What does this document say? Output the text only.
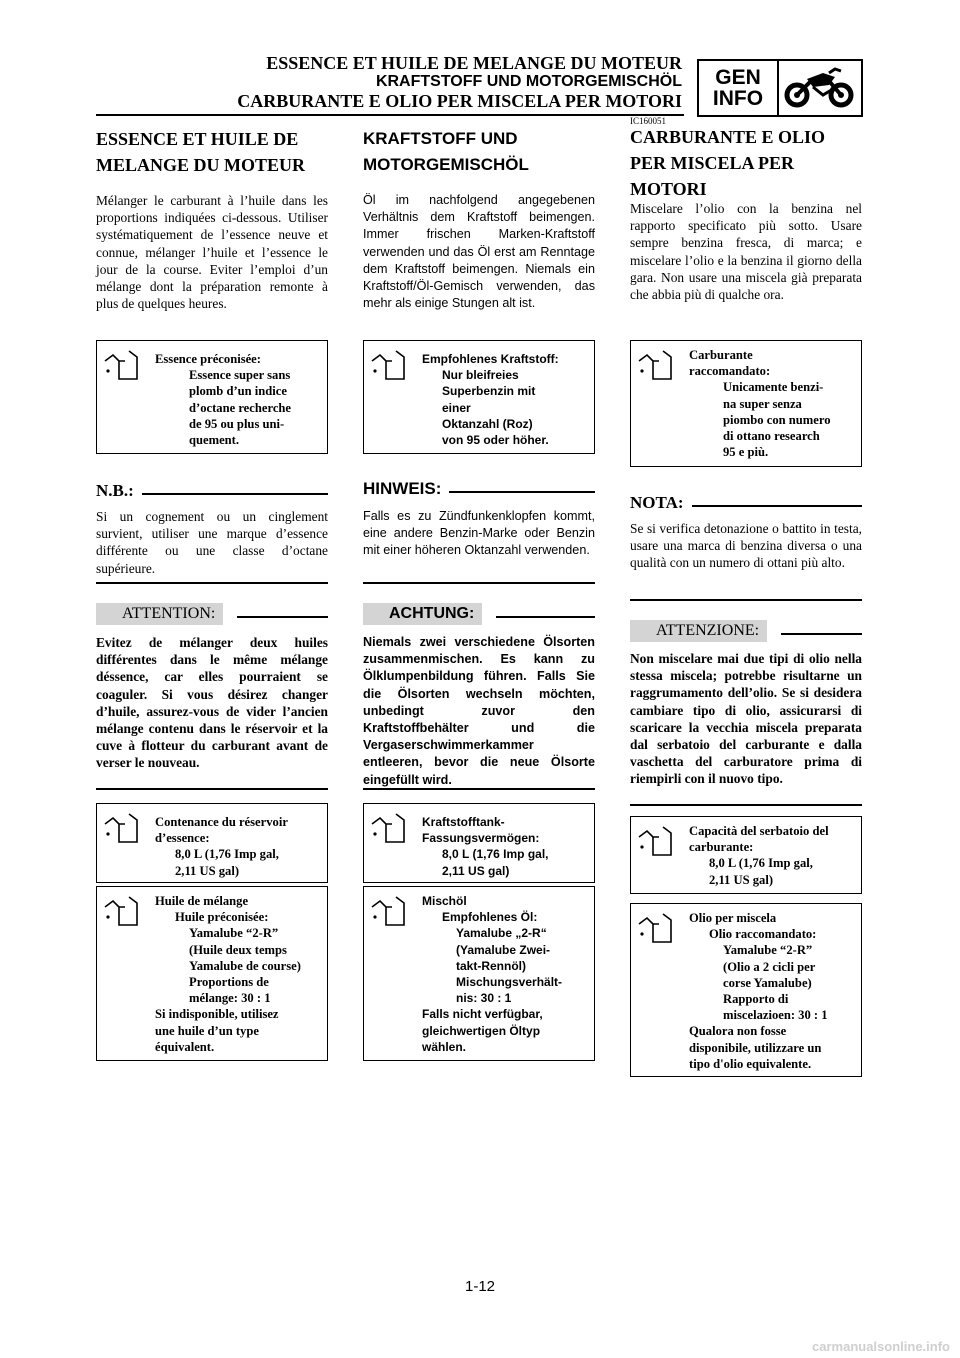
ESSENCE ET HUILE DE MELANGE DU MOTEUR
KRAFTSTOFF UND MOTORGEMISCHÖL
CARBURANTE E OLIO PER MISCELA PER MOTORI
IC160051
GEN
INFO
ESSENCE ET HUILE DE
MELANGE DU MOTEUR
Mélanger le carburant à l’huile dans les proportions indiquées ci-dessous. Utiliser systématiquement de l’essence neuve et connue, mélanger l’huile et l’essence le jour de la course. Eviter l’emploi d’un mélange dont la préparation remonte à plus de quelques heures.
Essence préconisée:
Essence super sans
plomb d’un indice
d’octane recherche
de 95 ou plus uni-
quement.
N.B.:
Si un cognement ou un cinglement survient, utiliser une marque d’essence différente ou une classe d’octane supérieure.
ATTENTION:
Evitez de mélanger deux huiles différentes dans le même mélange déssence, car elles pourraient se coaguler. Si vous désirez changer d’huile, assurez-vous de vider l’ancien mélange contenu dans le réservoir et la cuve à flotteur du carburant avant de verser le nouveau.
Contenance du réservoir
d’essence:
8,0 L (1,76 Imp gal,
2,11 US gal)
Huile de mélange
Huile préconisée:
Yamalube “2-R”
(Huile deux temps
Yamalube de course)
Proportions de
mélange: 30 : 1
Si indisponible, utilisez
une huile d’un type
équivalent.
KRAFTSTOFF UND
MOTORGEMISCHÖL
Öl im nachfolgend angegebenen Verhältnis dem Kraftstoff beimengen. Immer frischen Marken-Kraftstoff verwenden und das Öl erst am Renntage dem Kraftstoff beimengen. Niemals ein Kraftstoff/Öl-Gemisch verwenden, das mehr als einige Stungen alt ist.
Empfohlenes Kraftstoff:
Nur bleifreies
Superbenzin mit
einer
Oktanzahl (Roz)
von 95 oder höher.
HINWEIS:
Falls es zu Zündfunkenklopfen kommt, eine andere Benzin-Marke oder Benzin mit einer höheren Oktanzahl verwenden.
ACHTUNG:
Niemals zwei verschiedene Ölsorten zusammenmischen. Es kann zu Ölklumpenbildung führen. Falls Sie die Ölsorten wechseln möchten, unbedingt zuvor den Kraftstoffbehälter und die Vergaserschwimmerkammer entleeren, bevor die neue Ölsorte eingefüllt wird.
Kraftstofftank-
Fassungsvermögen:
8,0 L (1,76 Imp gal,
2,11 US gal)
Mischöl
Empfohlenes Öl:
Yamalube „2-R“
(Yamalube Zwei-
takt-Rennöl)
Mischungsverhält-
nis: 30 : 1
Falls nicht verfügbar,
gleichwertigen Öltyp
wählen.
CARBURANTE E OLIO
PER MISCELA PER
MOTORI
Miscelare l’olio con la benzina nel rapporto specificato più sotto. Usare sempre benzina fresca, di marca; e miscelare l’olio e la benzina il giorno della gara. Non usare una miscela già preparata che abbia più di qualche ora.
Carburante
raccomandato:
Unicamente benzi-
na super senza
piombo con numero
di ottano research
95 e più.
NOTA:
Se si verifica detonazione o battito in testa, usare una marca di benzina diversa o una qualità con un numero di ottani più alto.
ATTENZIONE:
Non miscelare mai due tipi di olio nella stessa miscela; potrebbe risultarne un raggrumamento dell’olio. Se si desidera cambiare tipo di olio, assicurarsi di scaricare la vecchia miscela preparata dal serbatoio del carburante e dalla vaschetta del carburatore prima di riempirli con il nuovo tipo.
Capacità del serbatoio del
carburante:
8,0 L (1,76 Imp gal,
2,11 US gal)
Olio per miscela
Olio raccomandato:
Yamalube “2-R”
(Olio a 2 cicli per
corse Yamalube)
Rapporto di
miscelazioen: 30 : 1
Qualora non fosse
disponibile, utilizzare un
tipo d'olio equivalente.
1-12
carmanualsonline.info
